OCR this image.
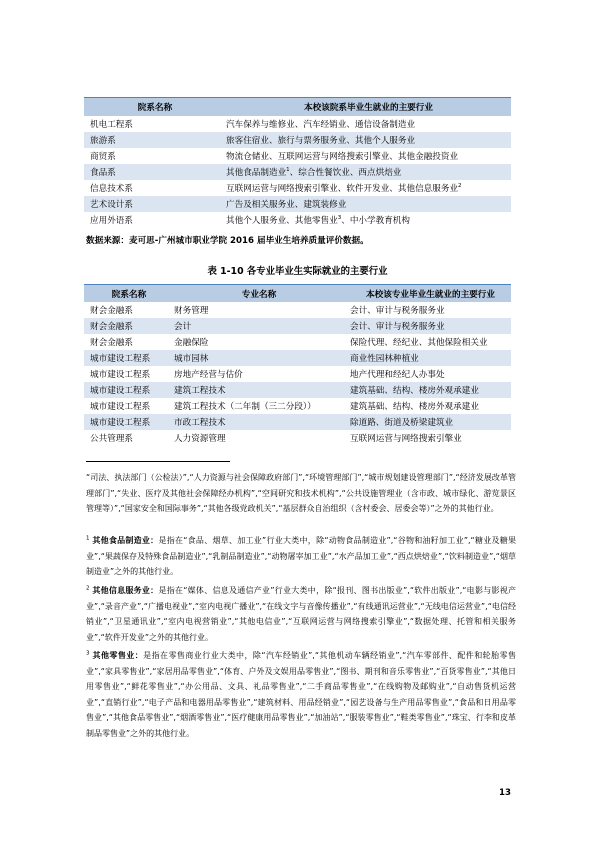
院系名称	本校该院系毕业生就业的主要行业
机电工程系	汽车保养与维修业、汽车经销业、通信设备制造业
旅游系	旅客住宿业、旅行与票务服务业、其他个人服务业
商贸系	物流仓储业、互联网运营与网络搜索引擎业、其他金融投资业
食品系	其他食品制造业$^1$、综合性餐饮业、西点烘焙业
信息技术系	互联网运营与网络搜索引擎业、软件开发业、其他信息服务业$^2$
艺术设计系	广告及相关服务业、建筑装修业
应用外语系	其他个人服务业、其他零售业$^3$、中小学教育机构
数据来源：麦可思-广州城市职业学院 2016 届毕业生培养质量评价数据。
表 1-10 各专业毕业生实际就业的主要行业
院系名称	专业名称	本校该专业毕业生就业的主要行业
财会金融系	财务管理	会计、审计与税务服务业
财会金融系	会计	会计、审计与税务服务业
财会金融系	金融保险	保险代理、经纪业、其他保险相关业
城市建设工程系	城市园林	商业性园林种植业
城市建设工程系	房地产经营与估价	地产代理和经纪人办事处
城市建设工程系	建筑工程技术	建筑基础、结构、楼房外观承建业
城市建设工程系	建筑工程技术（二年制（三二分段））	建筑基础、结构、楼房外观承建业
城市建设工程系	市政工程技术	除道路、街道及桥梁建筑业
公共管理系	人力资源管理	互联网运营与网络搜索引擎业
“司法、执法部门（公检法）”,“人力资源与社会保障政府部门”,“环境管理部门”,“城市规划建设管理部门”,“经济发展改革管理部门”,“失业、医疗及其他社会保障经办机构”,“空间研究和技术机构”,“公共设施管理业（含市政、城市绿化、游览景区管理等）”,“国家安全和国际事务”,“其他各级党政机关”,“基层群众自治组织（含村委会、居委会等）”之外的其他行业。
$^1$ 其他食品制造业：是指在“食品、烟草、加工业”行业大类中，除“动物食品制造业”,“谷物和油籽加工业”,“糖业及糖果业”,“果蔬保存及特殊食品制造业”,“乳制品制造业”,“动物屠宰加工业”,“水产品加工业”,“西点烘焙业”,“饮料制造业”,“烟草制造业”之外的其他行业。
$^2$ 其他信息服务业：是指在“媒体、信息及通信产业”行业大类中，除“报刊、图书出版业”,“软件出版业”,“电影与影视产业”,“录音产业”,“广播电视业”,“室内电视广播业”,“在线文字与音像传播业”,“有线通讯运营业”,“无线电信运营业”,“电信经销业”,“卫星通讯业”,“室内电视营销业”,“其他电信业”,“互联网运营与网络搜索引擎业”,“数据处理、托管和相关服务业”,“软件开发业”之外的其他行业。
$^3$ 其他零售业：是指在零售商业行业大类中，除“汽车经销业”,“其他机动车辆经销业”,“汽车零部件、配件和轮胎零售业”,“家具零售业”,“家居用品零售业”,“体育、户外及文娱用品零售业”,“图书、期刊和音乐零售业”,“百货零售业”,“其他日用零售业”,“鲜花零售业”,“办公用品、文具、礼品零售业”,“二手商品零售业”,“在线购物及邮购业”,“自动售货机运营业”,“直销行业”,“电子产品和电器用品零售业”,“建筑材料、用品经销业”,“园艺设备与生产用品零售业”,“食品和日用品零售业”,“其他食品零售业”,“烟酒零售业”,“医疗健康用品零售业”,“加油站”,“服装零售业”,“鞋类零售业”,“珠宝、行李和皮革制品零售业”之外的其他行业。
13
